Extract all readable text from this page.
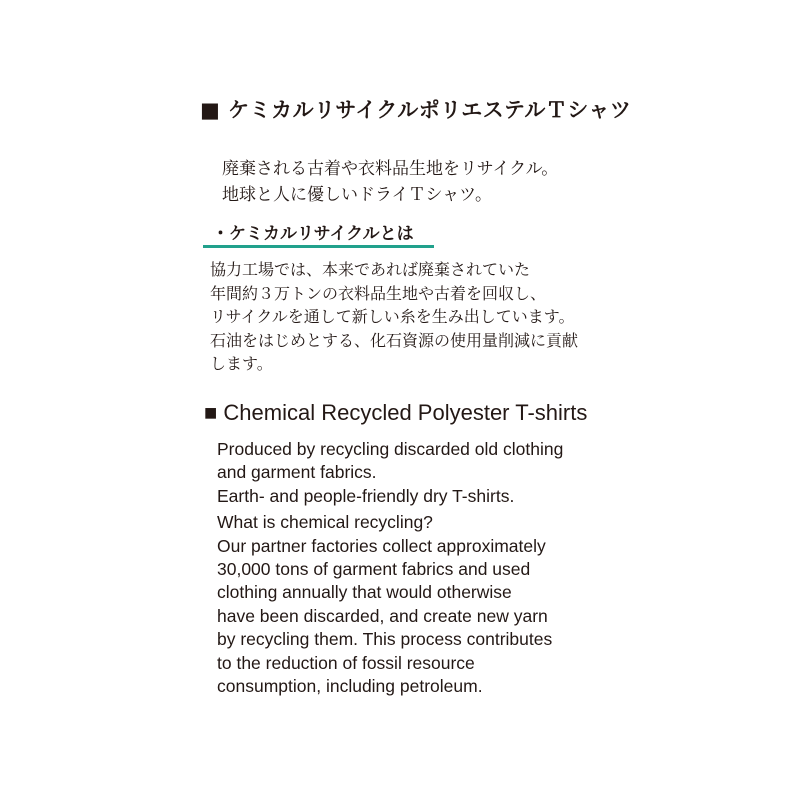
■ ケミカルリサイクルポリエステルＴシャツ
廃棄される古着や衣料品生地をリサイクル。
地球と人に優しいドライＴシャツ。
・ケミカルリサイクルとは
協力工場では、本来であれば廃棄されていた
年間約３万トンの衣料品生地や古着を回収し、
リサイクルを通して新しい糸を生み出しています。
石油をはじめとする、化石資源の使用量削減に貢献
します。
■ Chemical Recycled Polyester T-shirts
Produced by recycling discarded old clothing
and garment fabrics.
Earth- and people-friendly dry T-shirts.
What is chemical recycling?
Our partner factories collect approximately
30,000 tons of garment fabrics and used
clothing annually that would otherwise
have been discarded, and create new yarn
by recycling them. This process contributes
to the reduction of fossil resource
consumption, including petroleum.
